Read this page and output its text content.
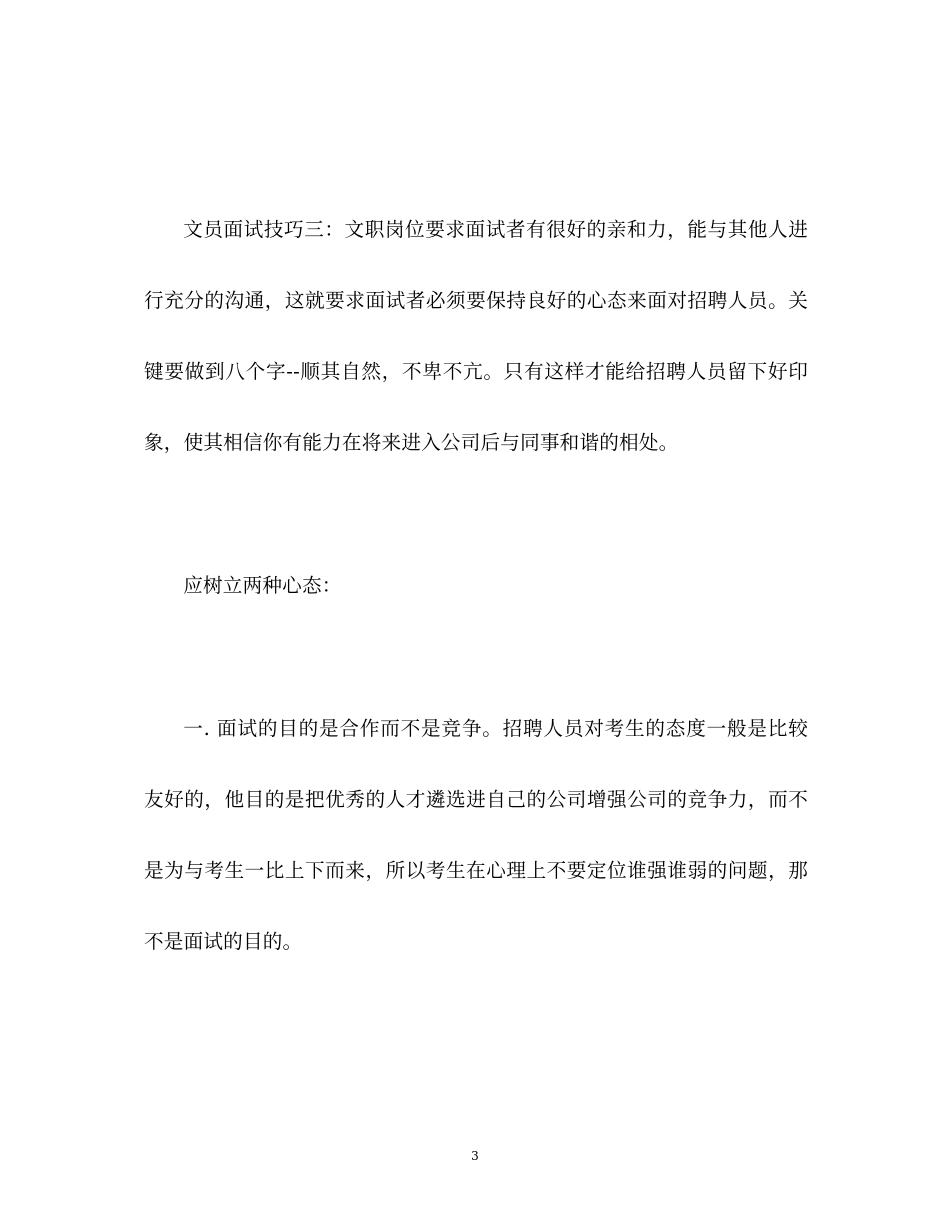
文员面试技巧三：文职岗位要求面试者有很好的亲和力，能与其他人进行充分的沟通，这就要求面试者必须要保持良好的心态来面对招聘人员。关键要做到八个字--顺其自然，不卑不亢。只有这样才能给招聘人员留下好印象，使其相信你有能力在将来进入公司后与同事和谐的相处。

应树立两种心态：

一. 面试的目的是合作而不是竞争。招聘人员对考生的态度一般是比较友好的，他目的是把优秀的人才遴选进自己的公司增强公司的竞争力，而不是为与考生一比上下而来，所以考生在心理上不要定位谁强谁弱的问题，那不是面试的目的。

3
